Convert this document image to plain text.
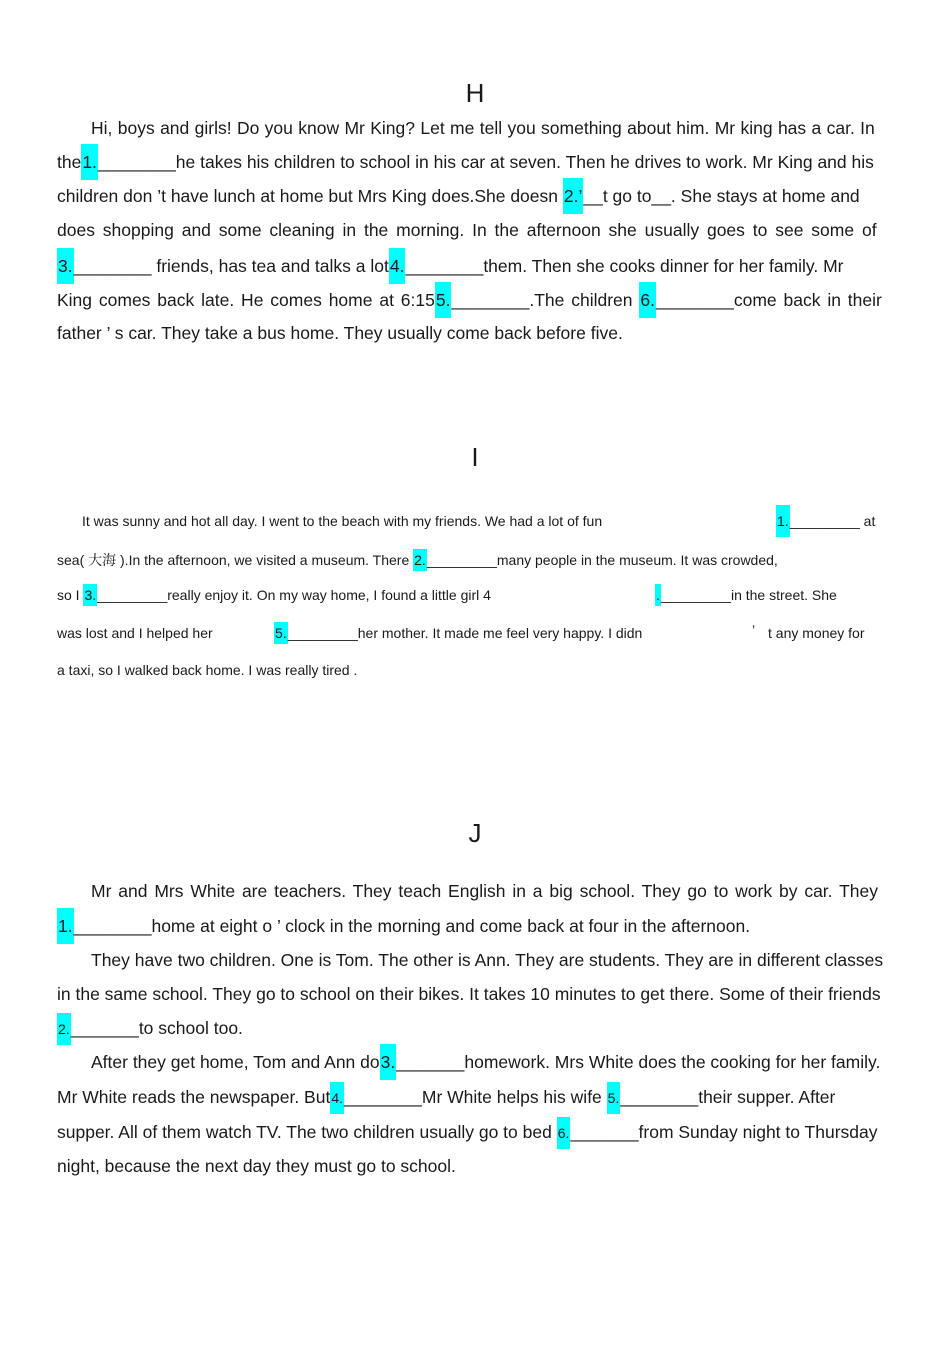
H
Hi, boys and girls! Do you know Mr King? Let me tell you something about him. Mr king has a car. In
the1.________he takes his children to school in his car at seven. Then he drives to work. Mr King and his
children don ’t have lunch at home but Mrs King does.She doesn 2.’__t go to__. She stays at home and
does shopping and some cleaning in the morning. In the afternoon she usually goes to see some of
3.________ friends, has tea and talks a lot4.________them. Then she cooks dinner for her family. Mr
King comes back late. He comes home at 6:155.________.The children 6.________come back in their
father ’ s car. They take a bus home. They usually come back before five.
I
It was sunny and hot all day. I went to the beach with my friends. We had a lot of fun	1._________ at
sea( 大海 ).In the afternoon, we visited a museum. There 2._________many people in the museum. It was crowded,
so I 3._________really enjoy it. On my way home, I found a little girl 4	._________in the street. She
was lost and I helped her	5._________her mother. It made me feel very happy. I didn	’ t any money for
a taxi, so I walked back home. I was really tired .
J
Mr and Mrs White are teachers. They teach English in a big school. They go to work by car. They
1.________home at eight o ’ clock in the morning and come back at four in the afternoon.
They have two children. One is Tom. The other is Ann. They are students. They are in different classes
in the same school. They go to school on their bikes. It takes 10 minutes to get there. Some of their friends
2._______to school too.
After they get home, Tom and Ann do3._______homework. Mrs White does the cooking for her family.
Mr White reads the newspaper. But4.________Mr White helps his wife 5.________their supper. After
supper. All of them watch TV. The two children usually go to bed 6._______from Sunday night to Thursday
night, because the next day they must go to school.
